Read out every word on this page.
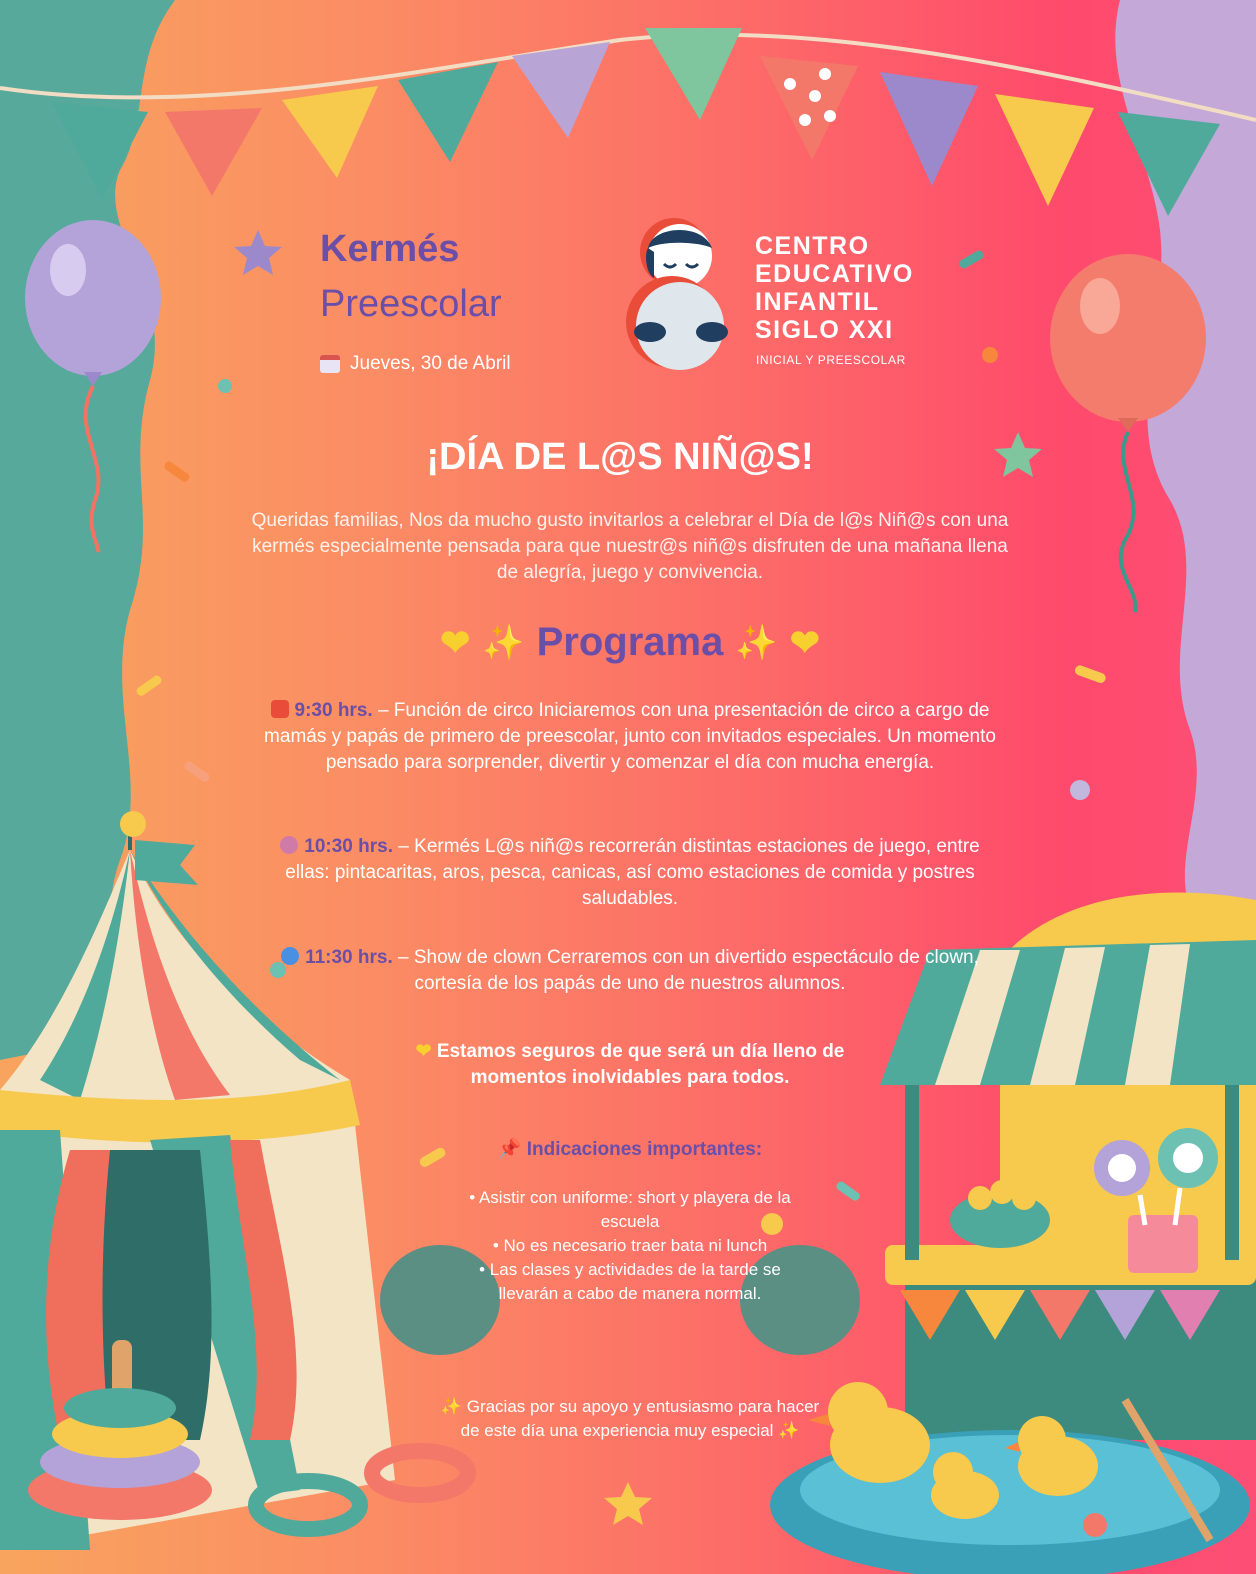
Kermés
Preescolar
Jueves, 30 de Abril
CENTRO
EDUCATIVO
INFANTIL
SIGLO XXI
INICIAL Y PREESCOLAR
¡DÍA DE L@S NIÑ@S!
Queridas familias, Nos da mucho gusto invitarlos a celebrar el Día de l@s Niñ@s con una kermés especialmente pensada para que nuestr@s niñ@s disfruten de una mañana llena de alegría, juego y convivencia.
❤ ✨ Programa ✨ ❤
9:30 hrs. – Función de circo Iniciaremos con una presentación de circo a cargo de mamás y papás de primero de preescolar, junto con invitados especiales. Un momento pensado para sorprender, divertir y comenzar el día con mucha energía.
10:30 hrs. – Kermés L@s niñ@s recorrerán distintas estaciones de juego, entre ellas: pintacaritas, aros, pesca, canicas, así como estaciones de comida y postres saludables.
11:30 hrs. – Show de clown Cerraremos con un divertido espectáculo de clown, cortesía de los papás de uno de nuestros alumnos.
❤ Estamos seguros de que será un día lleno de momentos inolvidables para todos.
📌 Indicaciones importantes:
• Asistir con uniforme: short y playera de la escuela
• No es necesario traer bata ni lunch
• Las clases y actividades de la tarde se llevarán a cabo de manera normal.
✨ Gracias por su apoyo y entusiasmo para hacer de este día una experiencia muy especial ✨
